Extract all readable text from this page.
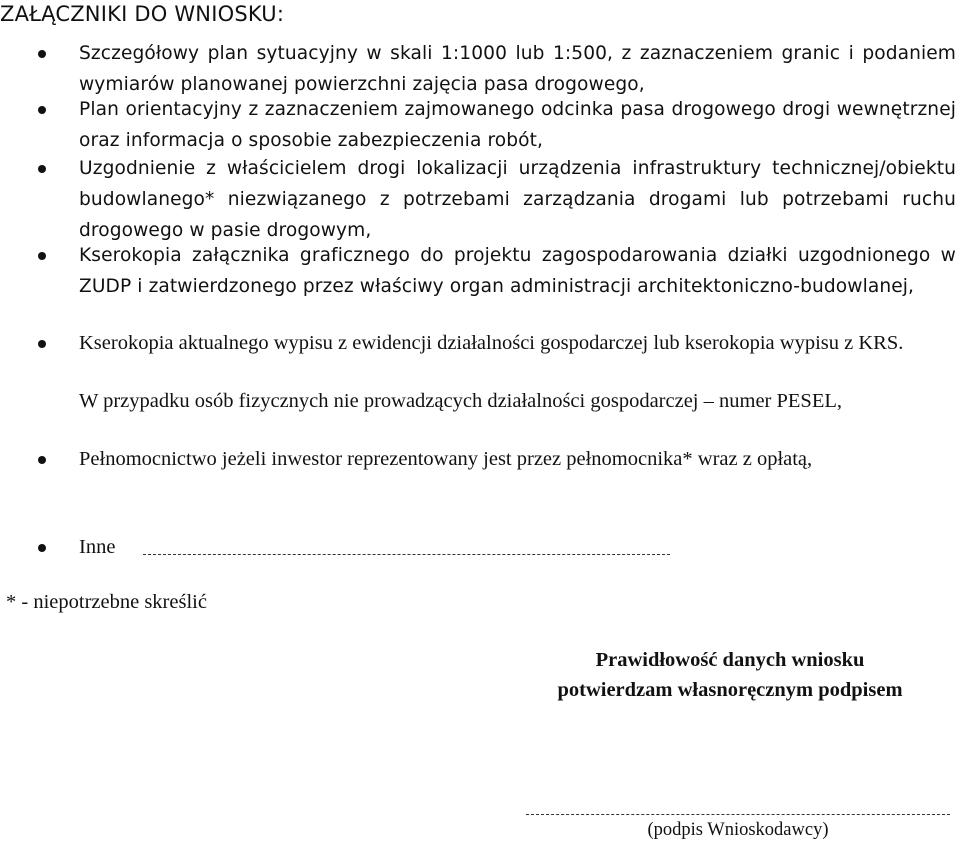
ZAŁĄCZNIKI DO WNIOSKU:
Szczegółowy plan sytuacyjny w skali 1:1000 lub 1:500, z zaznaczeniem granic i podaniem wymiarów planowanej powierzchni zajęcia pasa drogowego,
Plan orientacyjny z zaznaczeniem zajmowanego odcinka pasa drogowego drogi wewnętrznej oraz informacja o sposobie zabezpieczenia robót,
Uzgodnienie z właścicielem drogi lokalizacji urządzenia infrastruktury technicznej/obiektu budowlanego* niezwiązanego z potrzebami zarządzania drogami lub potrzebami ruchu drogowego w pasie drogowym,
Kserokopia załącznika graficznego do projektu zagospodarowania działki uzgodnionego w ZUDP i zatwierdzonego przez właściwy organ administracji architektoniczno-budowlanej,
Kserokopia aktualnego wypisu z ewidencji działalności gospodarczej lub kserokopia wypisu z KRS.
W przypadku osób fizycznych nie prowadzących działalności gospodarczej – numer PESEL,
Pełnomocnictwo jeżeli inwestor reprezentowany jest przez pełnomocnika* wraz z opłatą,
Inne
* - niepotrzebne skreślić
Prawidłowość danych wniosku
potwierdzam własnoręcznym podpisem
(podpis Wnioskodawcy)
